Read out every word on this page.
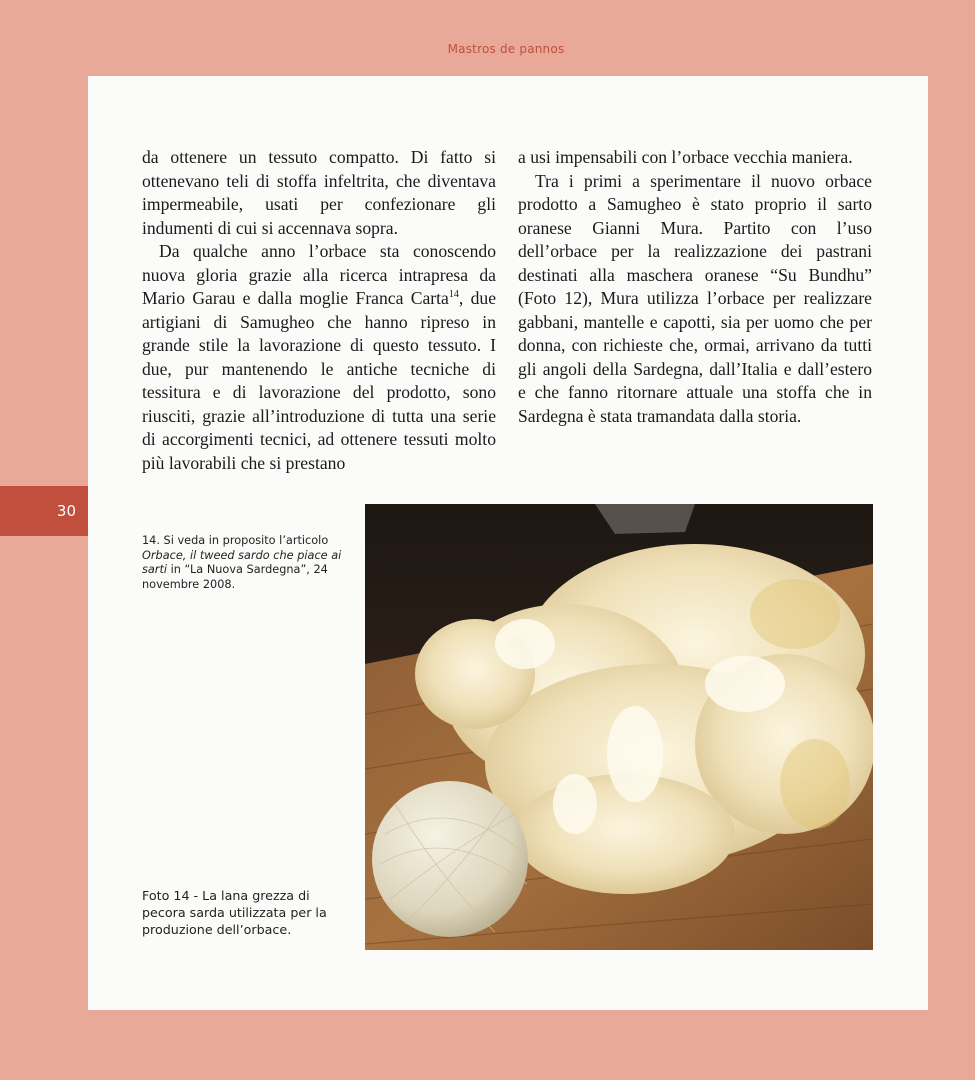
Mastros de pannos

da ottenere un tessuto compatto. Di fatto si ottenevano teli di stoffa infeltrita, che diventava impermeabile, usati per confezionare gli indumenti di cui si accennava sopra.

Da qualche anno l’orbace sta conoscendo nuova gloria grazie alla ricerca intrapresa da Mario Garau e dalla moglie Franca Carta$^{14}$, due artigiani di Samugheo che hanno ripreso in grande stile la lavorazione di questo tessuto. I due, pur mantenendo le antiche tecniche di tessitura e di lavorazione del prodotto, sono riusciti, grazie all’introduzione di tutta una serie di accorgimenti tecnici, ad ottenere tessuti molto più lavorabili che si prestano

a usi impensabili con l’orbace vecchia maniera.

Tra i primi a sperimentare il nuovo orbace prodotto a Samugheo è stato proprio il sarto oranese Gianni Mura. Partito con l’uso dell’orbace per la realizzazione dei pastrani destinati alla maschera oranese “Su Bundhu” (Foto 12), Mura utilizza l’orbace per realizzare gabbani, mantelle e capotti, sia per uomo che per donna, con richieste che, ormai, arrivano da tutti gli angoli della Sardegna, dall’Italia e dall’estero e che fanno ritornare attuale una stoffa che in Sardegna è stata tramandata dalla storia.

30
14. Si veda in proposito l’articolo Orbace, il tweed sardo che piace ai sarti in “La Nuova Sardegna”, 24 novembre 2008.
Foto 14 - La lana grezza di pecora sarda utilizzata per la produzione dell’orbace.
